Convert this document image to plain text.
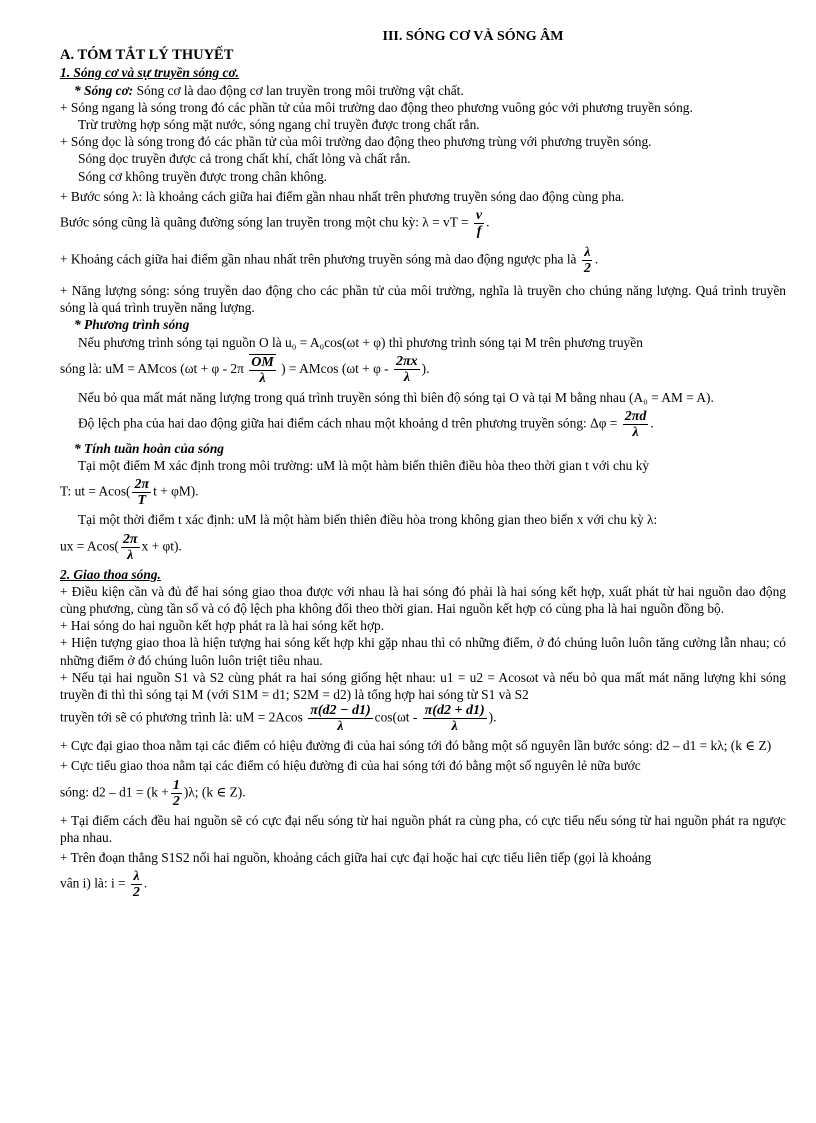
III. SÓNG CƠ VÀ SÓNG ÂM
A. TÓM TẮT LÝ THUYẾT
1. Sóng cơ và sự truyền sóng cơ.

* Sóng cơ: Sóng cơ là dao động cơ lan truyền trong môi trường vật chất.

+ Sóng ngang là sóng trong đó các phần tử của môi trường dao động theo phương vuông góc với phương truyền sóng.

Trừ trường hợp sóng mặt nước, sóng ngang chỉ truyền được trong chất rắn.

+ Sóng dọc là sóng trong đó các phần tử của môi trường dao động theo phương trùng với phương truyền sóng.

Sóng dọc truyền được cả trong chất khí, chất lỏng và chất rắn.

Sóng cơ không truyền được trong chân không.

+ Bước sóng λ: là khoảng cách giữa hai điểm gần nhau nhất trên phương truyền sóng dao động cùng pha.

Bước sóng cũng là quãng đường sóng lan truyền trong một chu kỳ: λ = vT = $\frac{v}{f}$ .

+ Khoảng cách giữa hai điểm gần nhau nhất trên phương truyền sóng mà dao động ngược pha là $\frac{\lambda}{2}$ .

+ Năng lượng sóng: sóng truyền dao động cho các phần tử của môi trường, nghĩa là truyền cho chúng năng lượng. Quá trình truyền sóng là quá trình truyền năng lượng.

* Phương trình sóng

Nếu phương trình sóng tại nguồn O là u₀ = A₀cos(ωt + φ) thì phương trình sóng tại M trên phương truyền

sóng là: uM = AMcos ($\omega t + \varphi - 2\pi \frac{OM}{\lambda}$ ) = AMcos ($\omega t + \varphi - \frac{2\pi x}{\lambda}$ ).

Nếu bỏ qua mất mát năng lượng trong quá trình truyền sóng thì biên độ sóng tại O và tại M bằng nhau (A₀ = AM = A).

Độ lệch pha của hai dao động giữa hai điểm cách nhau một khoảng d trên phương truyền sóng: $\Delta\varphi = \frac{2\pi d}{\lambda}$ .

* Tính tuần hoàn của sóng

Tại một điểm M xác định trong môi trường: uM là một hàm biến thiên điều hòa theo thời gian t với chu kỳ

T: ut = $Acos( \frac{2\pi}{T}$ t + φM).

Tại một thời điểm t xác định: uM là một hàm biến thiên điều hòa trong không gian theo biến x với chu kỳ λ:

ux = $Acos( \frac{2\pi}{\lambda}$ x + φt).

2. Giao thoa sóng.

+ Điều kiện cần và đủ để hai sóng giao thoa được với nhau là hai sóng đó phải là hai sóng kết hợp, xuất phát từ hai nguồn dao động cùng phương, cùng tần số và có độ lệch pha không đổi theo thời gian. Hai nguồn kết hợp có cùng pha là hai nguồn đồng bộ.

+ Hai sóng do hai nguồn kết hợp phát ra là hai sóng kết hợp.

+ Hiện tượng giao thoa là hiện tượng hai sóng kết hợp khi gặp nhau thì có những điểm, ở đó chúng luôn luôn tăng cường lẫn nhau; có những điểm ở đó chúng luôn luôn triệt tiêu nhau.

+ Nếu tại hai nguồn S1 và S2 cùng phát ra hai sóng giống hệt nhau: u1 = u2 = Acosωt và nếu bỏ qua mất mát năng lượng khi sóng truyền đi thì thì sóng tại M (với S1M = d1; S2M = d2) là tổng hợp hai sóng từ S1 và S2

truyền tới sẽ có phương trình là: uM = $2Acos \frac{\pi(d2 - d1)}{\lambda} \cos(\omega t - \frac{\pi(d2 + d1)}{\lambda}$ ).

+ Cực đại giao thoa nằm tại các điểm có hiệu đường đi của hai sóng tới đó bằng một số nguyên lần bước sóng: d2 – d1 = kλ; (k ∈ Z)

+ Cực tiểu giao thoa nằm tại các điểm có hiệu đường đi của hai sóng tới đó bằng một số nguyên lẻ nữa bước

sóng: $d2 - d1 = (k + \frac{1}{2} )\lambda$; (k ∈ Z).

+ Tại điểm cách đều hai nguồn sẽ có cực đại nếu sóng từ hai nguồn phát ra cùng pha, có cực tiểu nếu sóng từ hai nguồn phát ra ngược pha nhau.

+ Trên đoạn thẳng S1S2 nối hai nguồn, khoảng cách giữa hai cực đại hoặc hai cực tiểu liên tiếp (gọi là khoảng

vân i) là: $i = \frac{\lambda}{2}$ .
